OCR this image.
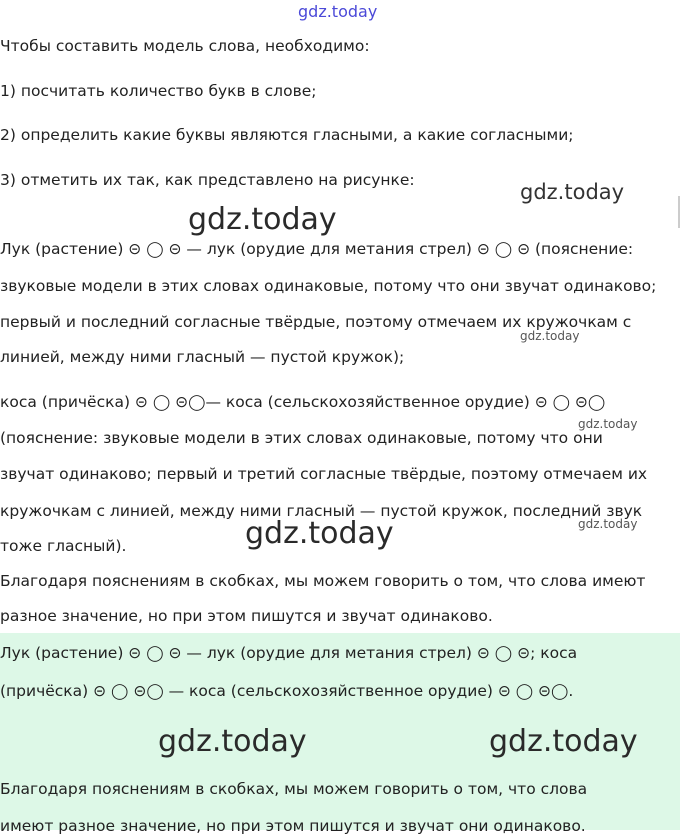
Чтобы составить модель слова, необходимо:
1) посчитать количество букв в слове;
2) определить какие буквы являются гласными, а какие согласными;
3) отметить их так, как представлено на рисунке:
Лук (растение) ⊝ ◯ ⊝ — лук (орудие для метания стрел) ⊝ ◯ ⊝ (пояснение:
звуковые модели в этих словах одинаковые, потому что они звучат одинаково;
первый и последний согласные твёрдые, поэтому отмечаем их кружочкам с
линией, между ними гласный — пустой кружок);
коса (причёска) ⊝ ◯ ⊝◯— коса (сельскохозяйственное орудие) ⊝ ◯ ⊝◯
(пояснение: звуковые модели в этих словах одинаковые, потому что они
звучат одинаково; первый и третий согласные твёрдые, поэтому отмечаем их
кружочкам с линией, между ними гласный — пустой кружок, последний звук
тоже гласный).
Благодаря пояснениям в скобках, мы можем говорить о том, что слова имеют
разное значение, но при этом пишутся и звучат одинаково.
Лук (растение) ⊝ ◯ ⊝ — лук (орудие для метания стрел) ⊝ ◯ ⊝; коса
(причёска) ⊝ ◯ ⊝◯ — коса (сельскохозяйственное орудие) ⊝ ◯ ⊝◯.
Благодаря пояснениям в скобках, мы можем говорить о том, что слова
имеют разное значение, но при этом пишутся и звучат они одинаково.
gdz.today
gdz.today
gdz.today
gdz.today
gdz.today
gdz.today
gdz.today
gdz.today	gdz.today
